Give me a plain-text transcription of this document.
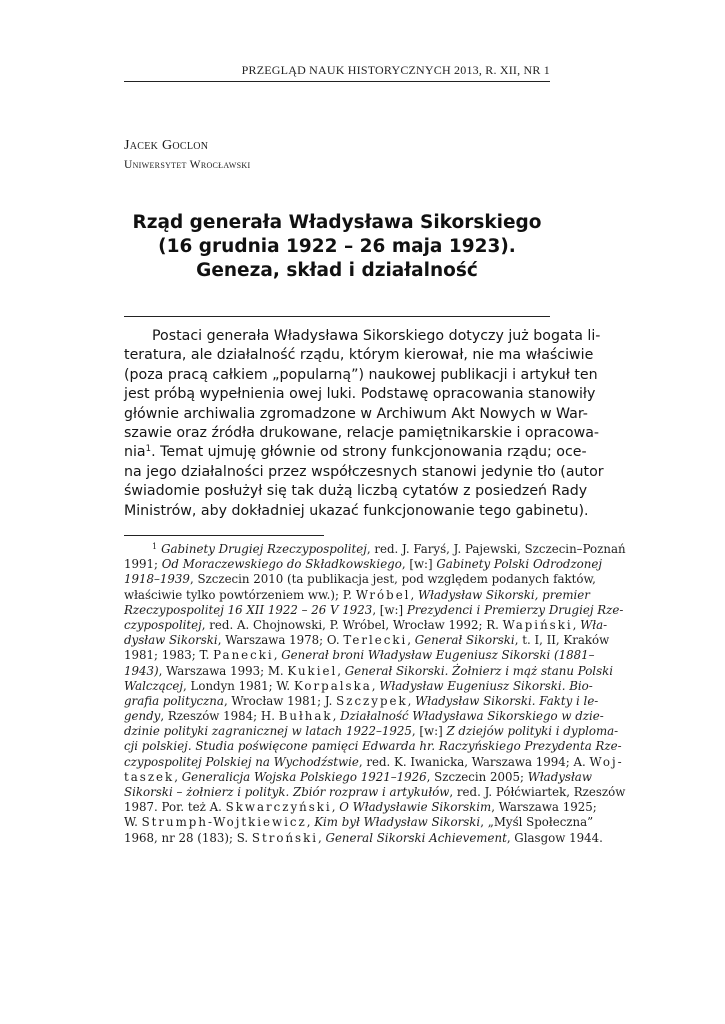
PRZEGLĄD NAUK HISTORYCZNYCH 2013, R. XII, NR 1
Jacek Goclon
Uniwersytet Wrocławski
Rząd generała Władysława Sikorskiego
(16 grudnia 1922 – 26 maja 1923).
Geneza, skład i działalność
Postaci generała Władysława Sikorskiego dotyczy już bogata li-
teratura, ale działalność rządu, którym kierował, nie ma właściwie
(poza pracą całkiem „popularną”) naukowej publikacji i artykuł ten
jest próbą wypełnienia owej luki. Podstawę opracowania stanowiły
głównie archiwalia zgromadzone w Archiwum Akt Nowych w War-
szawie oraz źródła drukowane, relacje pamiętnikarskie i opracowa-
nia$^1$. Temat ujmuję głównie od strony funkcjonowania rządu; oce-
na jego działalności przez współczesnych stanowi jedynie tło (autor
świadomie posłużył się tak dużą liczbą cytatów z posiedzeń Rady
Ministrów, aby dokładniej ukazać funkcjonowanie tego gabinetu).
$^1$ Gabinety Drugiej Rzeczypospolitej , red. J. Faryś, J. Pajewski, Szczecin–Poznań
1991; Od Moraczewskiego do Składkowskiego , [w:] Gabinety Polski Odrodzonej
1918–1939 , Szczecin 2010 (ta publikacja jest, pod względem podanych faktów,
właściwie tylko powtórzeniem ww.); P. Wróbel , Władysław Sikorski, premier
Rzeczypospolitej 16 XII 1922 – 26 V 1923 , [w:] Prezydenci i Premierzy Drugiej Rze-
czypospolitej , red. A. Chojnowski, P. Wróbel, Wrocław 1992; R. Wapiński , Wła-
dysław Sikorski , Warszawa 1978; O. Terlecki , Generał Sikorski , t. I, II, Kraków
1981; 1983; T. Panecki , Generał broni Władysław Eugeniusz Sikorski (1881–
1943) , Warszawa 1993; M. Kukiel , Generał Sikorski. Żołnierz i mąż stanu Polski
Walczącej , Londyn 1981; W. Korpalska , Władysław Eugeniusz Sikorski. Bio-
grafia polityczna , Wrocław 1981; J. Szczypek , Władysław Sikorski. Fakty i le-
gendy , Rzeszów 1984; H. Bułhak , Działalność Władysława Sikorskiego w dzie-
dzinie polityki zagranicznej w latach 1922–1925 , [w:] Z dziejów polityki i dyploma-
cji polskiej. Studia poświęcone pamięci Edwarda hr. Raczyńskiego Prezydenta Rze-
czypospolitej Polskiej na Wychodźstwie , red. K. Iwanicka, Warszawa 1994; A. Woj-
taszek , Generalicja Wojska Polskiego 1921–1926 , Szczecin 2005; Władysław
Sikorski – żołnierz i polityk. Zbiór rozpraw i artykułów , red. J. Półćwiartek, Rzeszów
1987. Por. też A. Skwarczyński , O Władysławie Sikorskim , Warszawa 1925;
W. Strumph-Wojtkiewicz , Kim był Władysław Sikorski , „Myśl Społeczna”
1968, nr 28 (183); S. Stroński , General Sikorski Achievement , Glasgow 1944.
